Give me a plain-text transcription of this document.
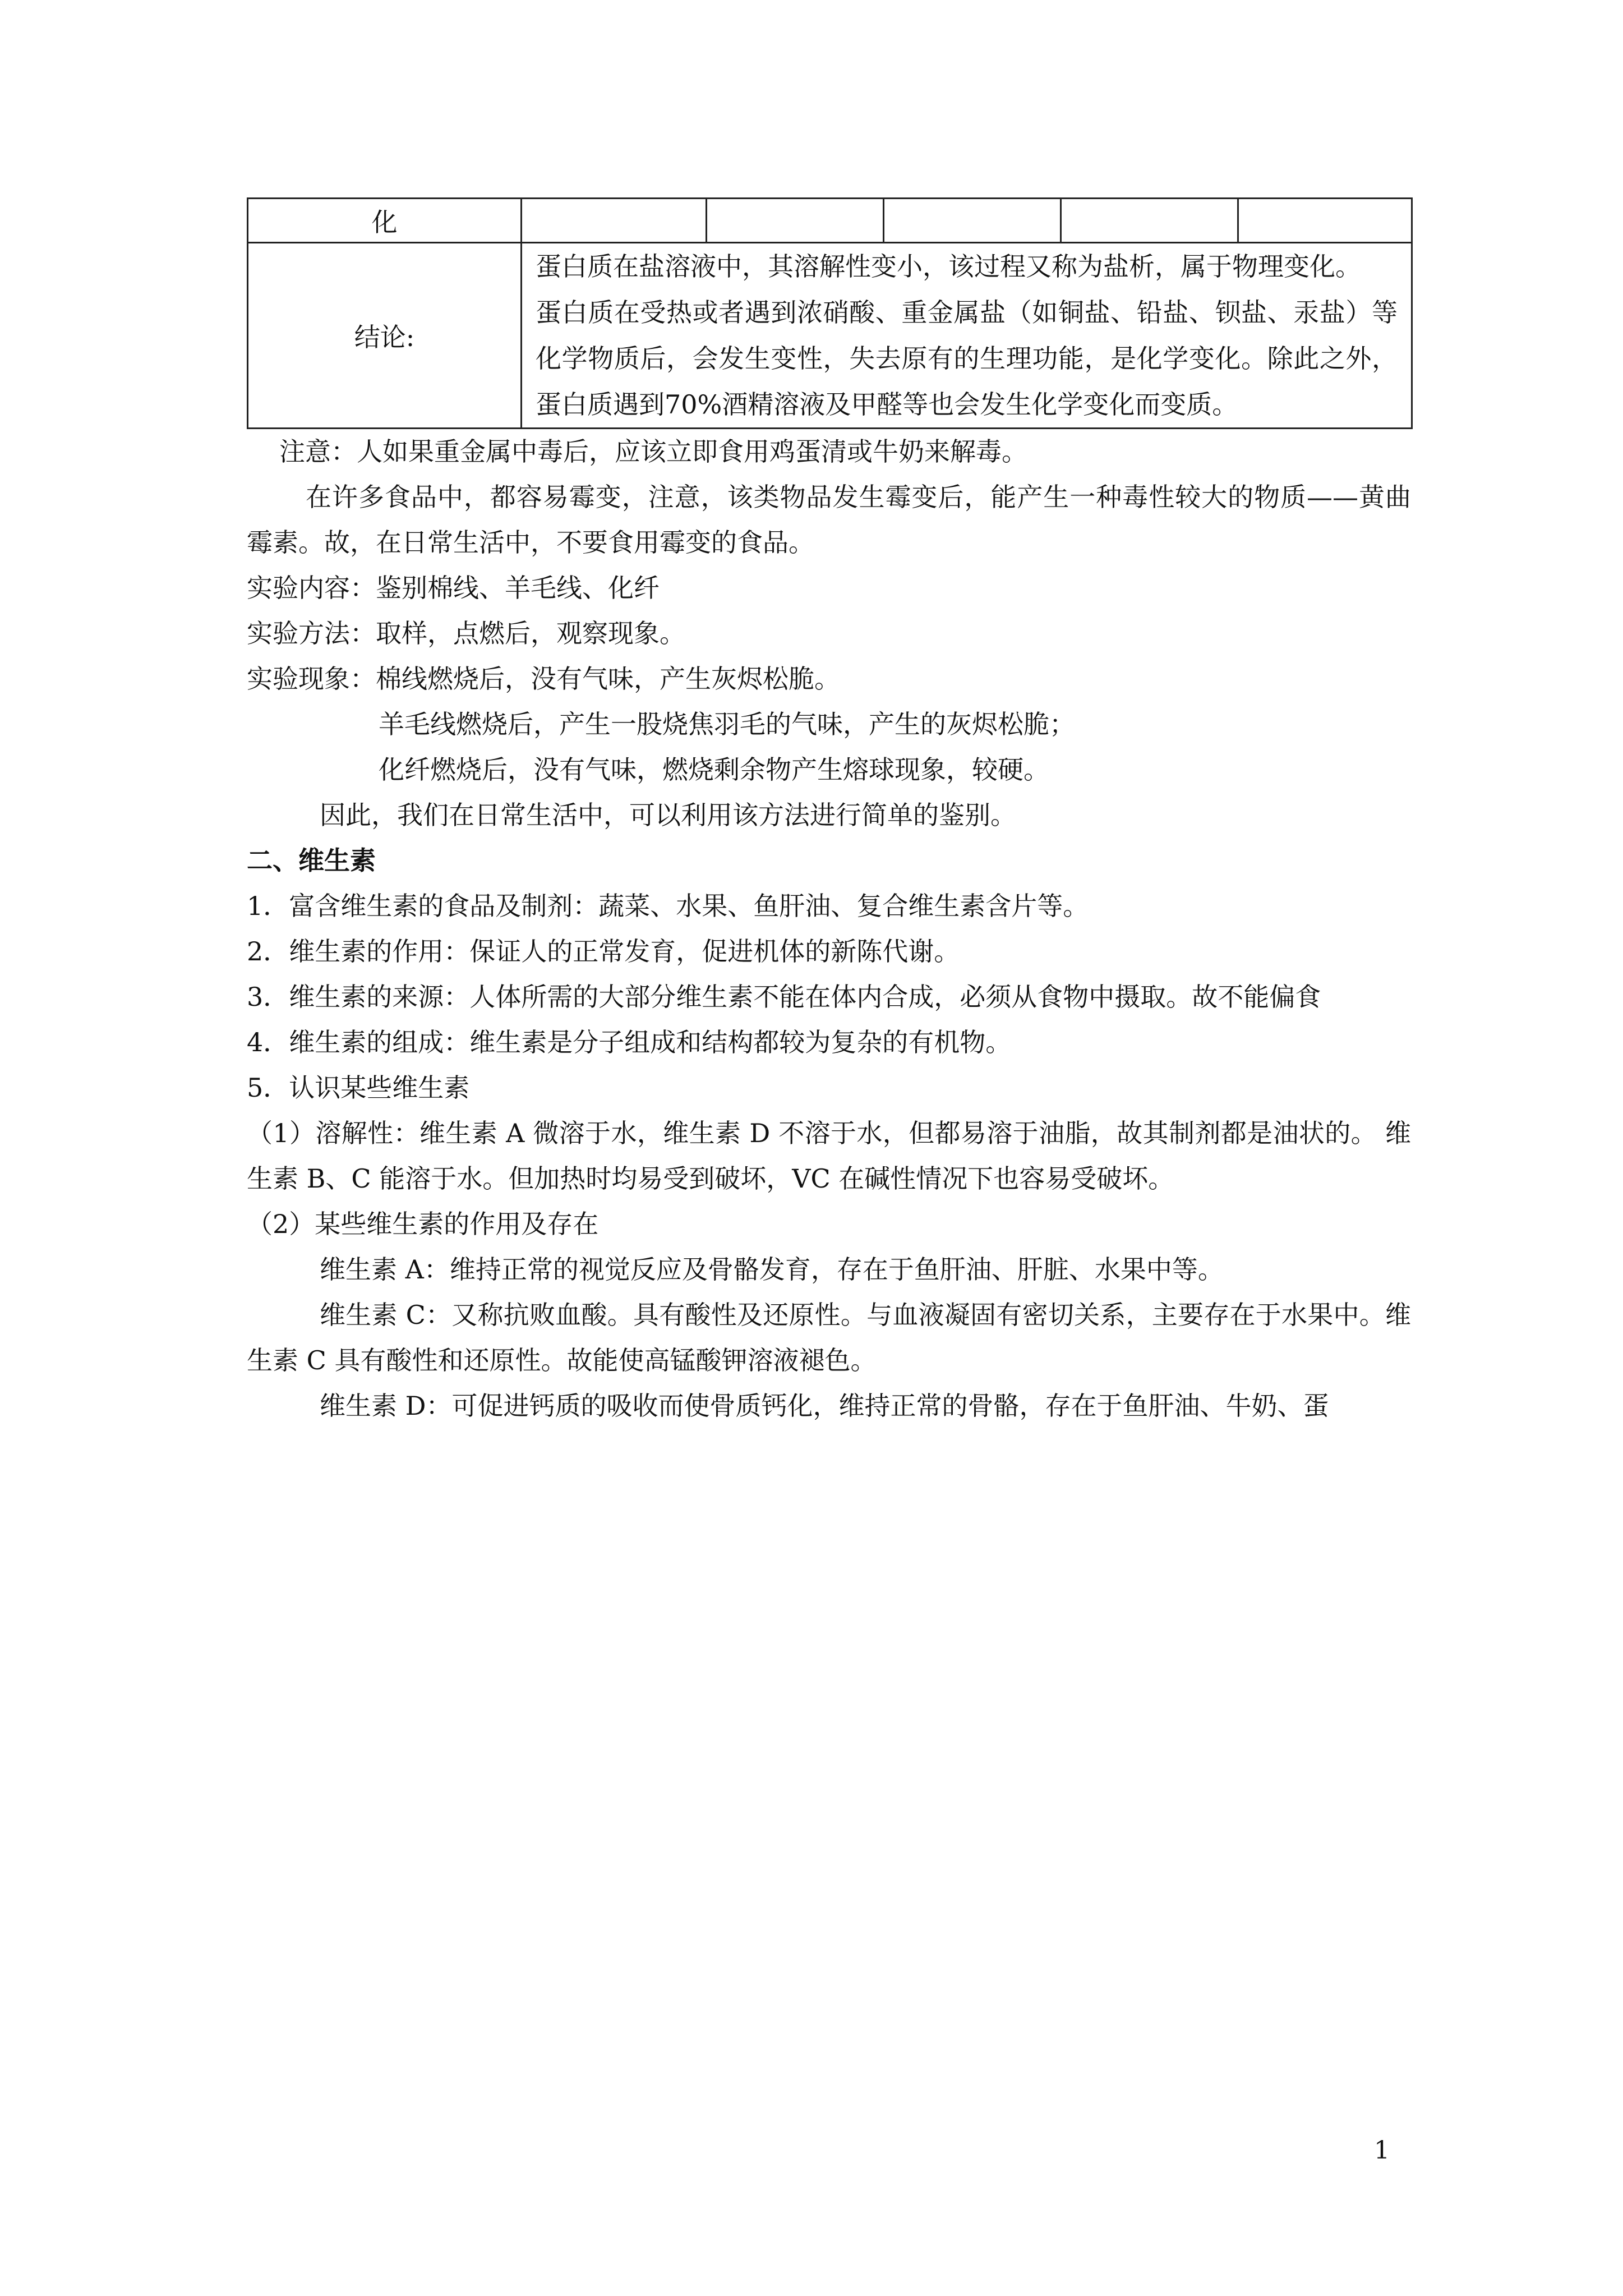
化					
结论:	蛋白质在盐溶液中，其溶解性变小，该过程又称为盐析，属于物理变化。

蛋白质在受热或者遇到浓硝酸、重金属盐（如铜盐、铅盐、钡盐、汞盐）等化学物质后，会发生变性，失去原有的生理功能，是化学变化。除此之外，蛋白质遇到70%酒精溶液及甲醛等也会发生化学变化而变质。				

注意：人如果重金属中毒后，应该立即食用鸡蛋清或牛奶来解毒。

在许多食品中，都容易霉变，注意，该类物品发生霉变后，能产生一种毒性较大的物质——黄曲霉素。故，在日常生活中，不要食用霉变的食品。

实验内容：鉴别棉线、羊毛线、化纤

实验方法：取样，点燃后，观察现象。

实验现象：棉线燃烧后，没有气味，产生灰烬松脆。

羊毛线燃烧后，产生一股烧焦羽毛的气味，产生的灰烬松脆；

化纤燃烧后，没有气味，燃烧剩余物产生熔球现象，较硬。

因此，我们在日常生活中，可以利用该方法进行简单的鉴别。

二、维生素

1．富含维生素的食品及制剂：蔬菜、水果、鱼肝油、复合维生素含片等。

2．维生素的作用：保证人的正常发育，促进机体的新陈代谢。

3．维生素的来源：人体所需的大部分维生素不能在体内合成，必须从食物中摄取。故不能偏食

4．维生素的组成：维生素是分子组成和结构都较为复杂的有机物。

5．认识某些维生素

（1）溶解性：维生素 A 微溶于水，维生素 D 不溶于水，但都易溶于油脂，故其制剂都是油状的。 维生素 B、C 能溶于水。但加热时均易受到破坏，VC 在碱性情况下也容易受破坏。

（2）某些维生素的作用及存在

维生素 A：维持正常的视觉反应及骨骼发育，存在于鱼肝油、肝脏、水果中等。

维生素 C：又称抗败血酸。具有酸性及还原性。与血液凝固有密切关系，主要存在于水果中。维生素 C 具有酸性和还原性。故能使高锰酸钾溶液褪色。

维生素 D：可促进钙质的吸收而使骨质钙化，维持正常的骨骼，存在于鱼肝油、牛奶、蛋

1
